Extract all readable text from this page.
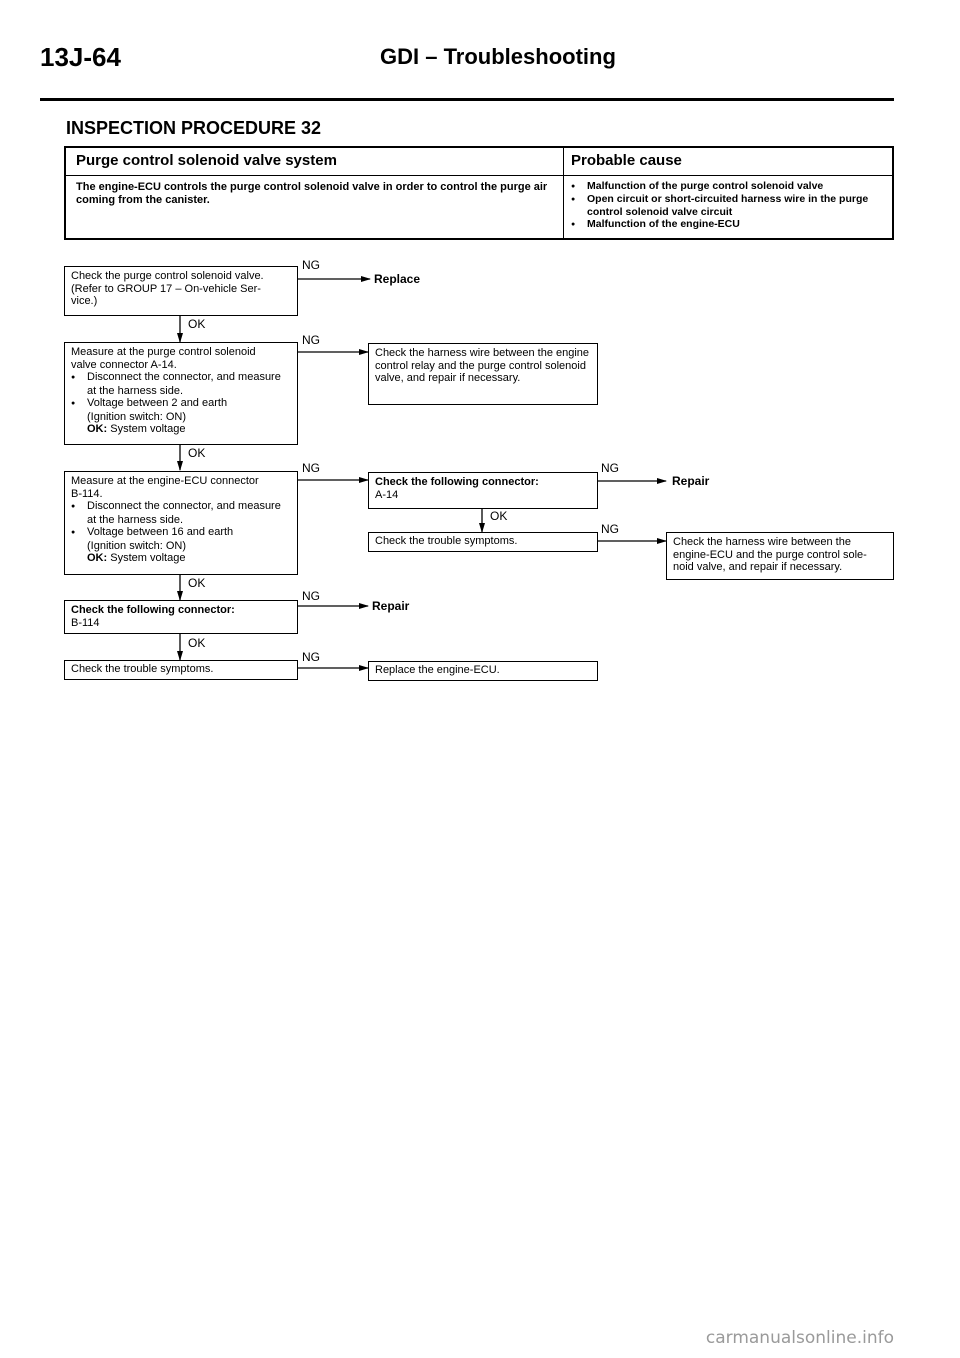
13J-64	GDI – Troubleshooting
INSPECTION PROCEDURE 32
Purge control solenoid valve system	Probable cause
The engine-ECU controls the purge control solenoid valve in order to control the purge air coming from the canister.
● Malfunction of the purge control solenoid valve
● Open circuit or short-circuited harness wire in the purge control solenoid valve circuit
● Malfunction of the engine-ECU
Check the purge control solenoid valve.
(Refer to GROUP 17 – On-vehicle Ser-
vice.)
NG
Replace
OK
Measure at the purge control solenoid
valve connector A-14.
● Disconnect the connector, and measure at the harness side.
● Voltage between 2 and earth
(Ignition switch: ON)
OK: System voltage
NG
Check the harness wire between the engine control relay and the purge control solenoid valve, and repair if necessary.
OK
Measure at the engine-ECU connector
B-114.
● Disconnect the connector, and measure at the harness side.
● Voltage between 16 and earth
(Ignition switch: ON)
OK: System voltage
NG
Check the following connector:
A-14
NG
Repair
OK
Check the trouble symptoms.
NG
Check the harness wire between the engine-ECU and the purge control sole-noid valve, and repair if necessary.
OK
Check the following connector:
B-114
NG
Repair
OK
Check the trouble symptoms.
NG
Replace the engine-ECU.
carmanualsonline.info
